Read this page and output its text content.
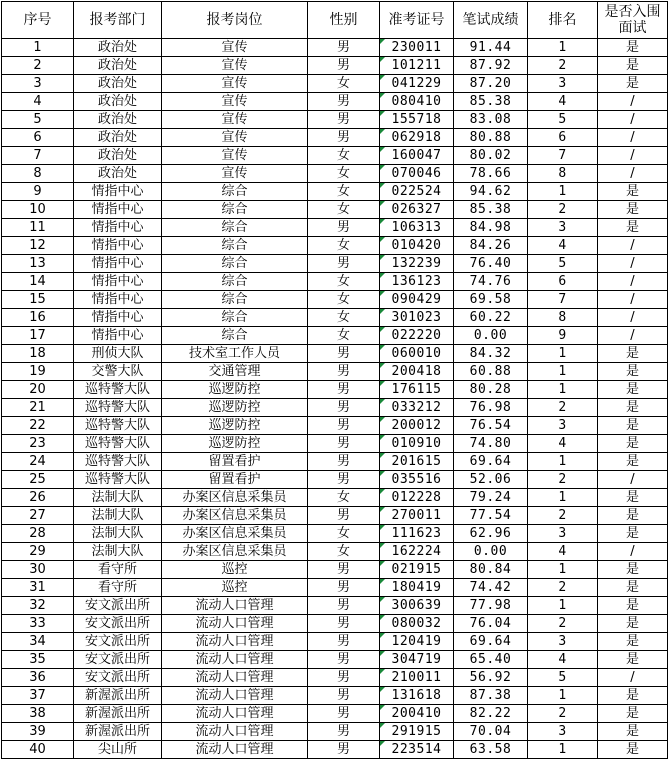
序号	报考部门	报考岗位	性别	准考证号	笔试成绩	排名	是否入围面试
1	政治处	宣传	男	230011	91.44	1	是
2	政治处	宣传	男	101211	87.92	2	是
3	政治处	宣传	女	041229	87.20	3	是
4	政治处	宣传	男	080410	85.38	4	/
5	政治处	宣传	男	155718	83.08	5	/
6	政治处	宣传	男	062918	80.88	6	/
7	政治处	宣传	女	160047	80.02	7	/
8	政治处	宣传	女	070046	78.66	8	/
9	情指中心	综合	女	022524	94.62	1	是
10	情指中心	综合	女	026327	85.38	2	是
11	情指中心	综合	男	106313	84.98	3	是
12	情指中心	综合	女	010420	84.26	4	/
13	情指中心	综合	男	132239	76.40	5	/
14	情指中心	综合	女	136123	74.76	6	/
15	情指中心	综合	女	090429	69.58	7	/
16	情指中心	综合	女	301023	60.22	8	/
17	情指中心	综合	女	022220	0.00	9	/
18	刑侦大队	技术室工作人员	男	060010	84.32	1	是
19	交警大队	交通管理	男	200418	60.88	1	是
20	巡特警大队	巡逻防控	男	176115	80.28	1	是
21	巡特警大队	巡逻防控	男	033212	76.98	2	是
22	巡特警大队	巡逻防控	男	200012	76.54	3	是
23	巡特警大队	巡逻防控	男	010910	74.80	4	是
24	巡特警大队	留置看护	男	201615	69.64	1	是
25	巡特警大队	留置看护	男	035516	52.06	2	/
26	法制大队	办案区信息采集员	女	012228	79.24	1	是
27	法制大队	办案区信息采集员	男	270011	77.54	2	是
28	法制大队	办案区信息采集员	女	111623	62.96	3	是
29	法制大队	办案区信息采集员	女	162224	0.00	4	/
30	看守所	巡控	男	021915	80.84	1	是
31	看守所	巡控	男	180419	74.42	2	是
32	安文派出所	流动人口管理	男	300639	77.98	1	是
33	安文派出所	流动人口管理	男	080032	76.04	2	是
34	安文派出所	流动人口管理	男	120419	69.64	3	是
35	安文派出所	流动人口管理	男	304719	65.40	4	是
36	安文派出所	流动人口管理	男	210011	56.92	5	/
37	新渥派出所	流动人口管理	男	131618	87.38	1	是
38	新渥派出所	流动人口管理	男	200410	82.22	2	是
39	新渥派出所	流动人口管理	男	291915	70.04	3	是
40	尖山所	流动人口管理	男	223514	63.58	1	是
